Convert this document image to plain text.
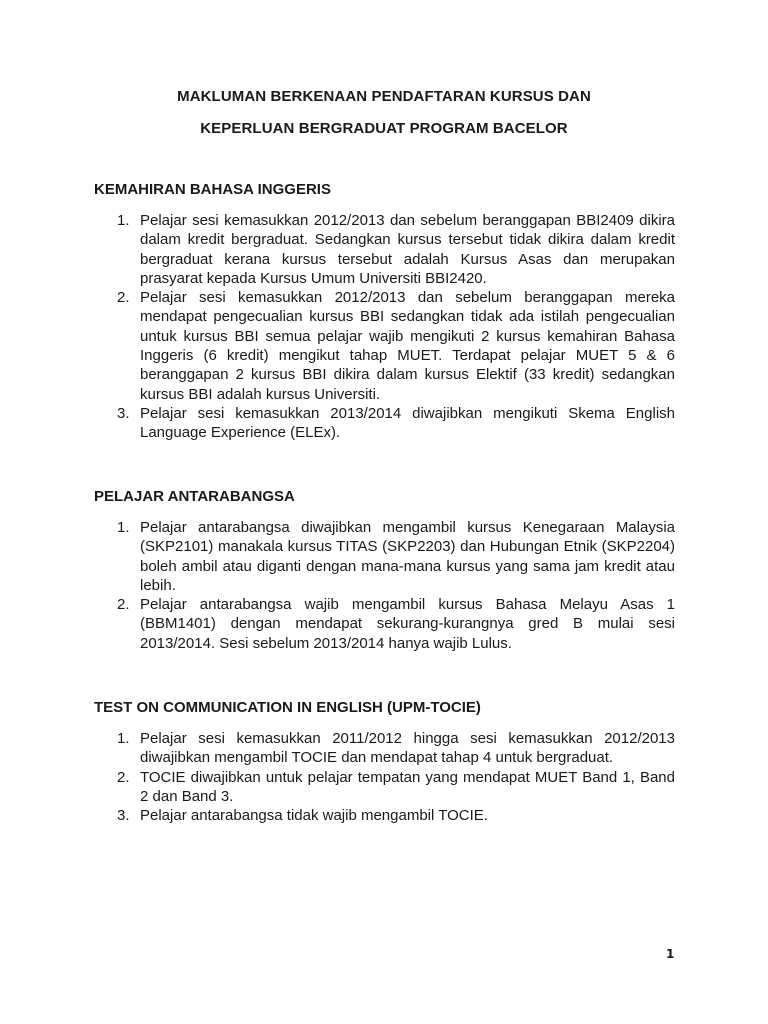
MAKLUMAN BERKENAAN PENDAFTARAN KURSUS DAN
KEPERLUAN BERGRADUAT PROGRAM BACELOR
KEMAHIRAN BAHASA INGGERIS
1. Pelajar sesi kemasukkan 2012/2013 dan sebelum beranggapan BBI2409 dikira dalam kredit bergraduat. Sedangkan kursus tersebut tidak dikira dalam kredit bergraduat kerana kursus tersebut adalah Kursus Asas dan merupakan prasyarat kepada Kursus Umum Universiti BBI2420.
2. Pelajar sesi kemasukkan 2012/2013 dan sebelum beranggapan mereka mendapat pengecualian kursus BBI sedangkan tidak ada istilah pengecualian untuk kursus BBI semua pelajar wajib mengikuti 2 kursus kemahiran Bahasa Inggeris (6 kredit) mengikut tahap MUET. Terdapat pelajar MUET 5 & 6 beranggapan 2 kursus BBI dikira dalam kursus Elektif (33 kredit) sedangkan kursus BBI adalah kursus Universiti.
3. Pelajar sesi kemasukkan 2013/2014 diwajibkan mengikuti Skema English Language Experience (ELEx).
PELAJAR ANTARABANGSA
1. Pelajar antarabangsa diwajibkan mengambil kursus Kenegaraan Malaysia (SKP2101) manakala kursus TITAS (SKP2203) dan Hubungan Etnik (SKP2204) boleh ambil atau diganti dengan mana-mana kursus yang sama jam kredit atau lebih.
2. Pelajar antarabangsa wajib mengambil kursus Bahasa Melayu Asas 1 (BBM1401) dengan mendapat sekurang-kurangnya gred B mulai sesi 2013/2014. Sesi sebelum 2013/2014 hanya wajib Lulus.
TEST ON COMMUNICATION IN ENGLISH (UPM-TOCIE)
1. Pelajar sesi kemasukkan 2011/2012 hingga sesi kemasukkan 2012/2013 diwajibkan mengambil TOCIE dan mendapat tahap 4 untuk bergraduat.
2. TOCIE diwajibkan untuk pelajar tempatan yang mendapat MUET Band 1, Band 2 dan Band 3.
3. Pelajar antarabangsa tidak wajib mengambil TOCIE.
1
